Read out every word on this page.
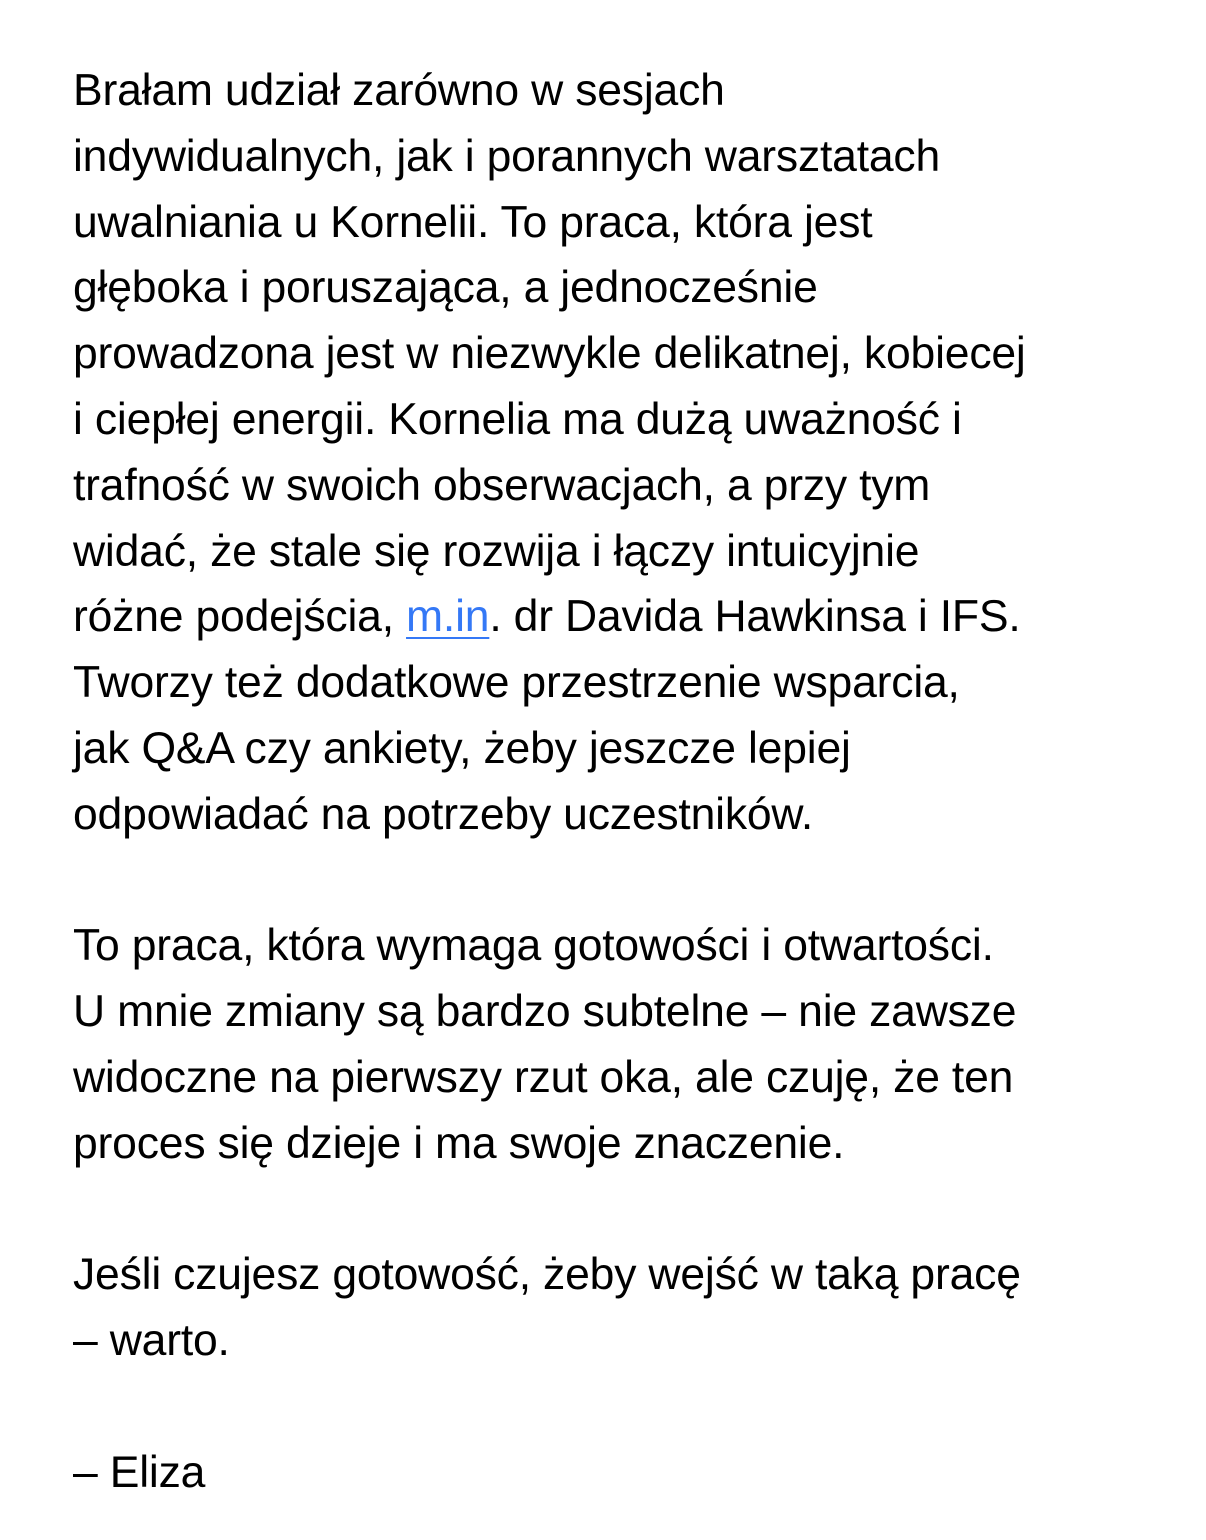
Brałam udział zarówno w sesjach
indywidualnych, jak i porannych warsztatach
uwalniania u Kornelii. To praca, która jest
głęboka i poruszająca, a jednocześnie
prowadzona jest w niezwykle delikatnej, kobiecej
i ciepłej energii. Kornelia ma dużą uważność i
trafność w swoich obserwacjach, a przy tym
widać, że stale się rozwija i łączy intuicyjnie
różne podejścia, m.in. dr Davida Hawkinsa i IFS.
Tworzy też dodatkowe przestrzenie wsparcia,
jak Q&A czy ankiety, żeby jeszcze lepiej
odpowiadać na potrzeby uczestników.
To praca, która wymaga gotowości i otwartości.
U mnie zmiany są bardzo subtelne – nie zawsze
widoczne na pierwszy rzut oka, ale czuję, że ten
proces się dzieje i ma swoje znaczenie.
Jeśli czujesz gotowość, żeby wejść w taką pracę
– warto.
– Eliza
